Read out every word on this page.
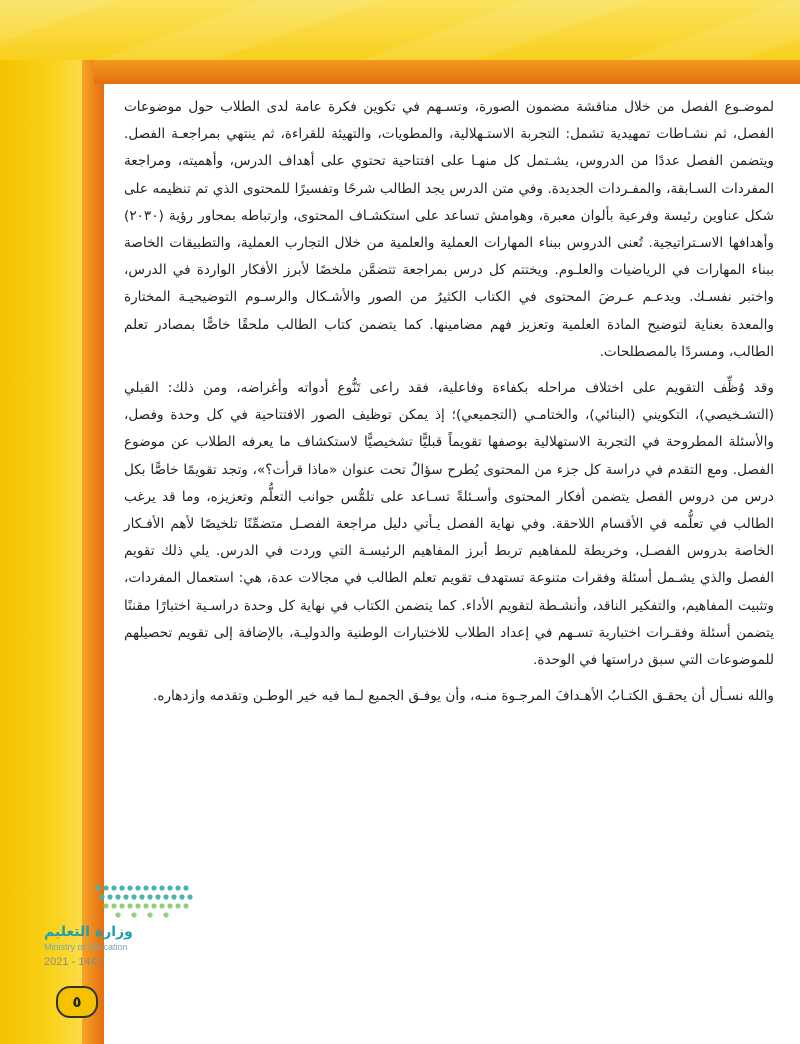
لموضـوع الفصل من خلال مناقشة مضمون الصورة، وتسـهم في تكوين فكرة عامة لدى الطلاب حول موضوعات الفصل، ثم نشـاطات تمهيدية تشمل: التجربة الاستـهلالية، والمطويات، والتهيئة للقراءة، ثم ينتهي بمراجعـة الفصل. ويتضمن الفصل عددًا من الدروس، يشـتمل كل منهـا على افتتاحية تحتوي على أهداف الدرس، وأهميته، ومراجعة المفردات السـابقة، والمفـردات الجديدة. وفي متن الدرس يجد الطالب شرحًا وتفسيرًا للمحتوى الذي تم تنظيمه على شكل عناوين رئيسة وفرعية بألوان معبرة، وهوامش تساعد على استكشـاف المحتوى، وارتباطه بمحاور رؤية (٢٠٣٠) وأهدافها الاسـتراتيجية. تُعنى الدروس ببناء المهارات العملية والعلمية من خلال التجارب العملية، والتطبيقات الخاصة ببناء المهارات في الرياضيات والعلـوم. ويختتم كل درس بمراجعة تتضمَّن ملخصًا لأبرز الأفكار الواردة في الدرس، واختبر نفسـك. ويدعـم عـرضَ المحتوى في الكتاب الكثيرُ من الصور والأشـكال والرسـوم التوضيحيـة المختارة والمعدة بعناية لتوضيح المادة العلمية وتعزيز فهم مضامينها. كما يتضمن كتاب الطالب ملحقًا خاصًّا بمصادر تعلم الطالب، ومسردًا بالمصطلحات.

وقد وُظِّف التقويم على اختلاف مراحله بكفاءة وفاعلية، فقد راعى تَنُّوع أدواته وأغراضه، ومن ذلك: القبلي (التشـخيصي)، التكويني (البنائي)، والختامـي (التجميعي)؛ إذ يمكن توظيف الصور الافتتاحية في كل وحدة وفصل، والأسئلة المطروحة في التجربة الاستهلالية بوصفها تقويماً قبليًّا تشخيصيًّا لاستكشاف ما يعرفه الطلاب عن موضوع الفصل. ومع التقدم في دراسة كل جزء من المحتوى يُطرح سؤالٌ تحت عنوان «ماذا قرأت؟»، وتجد تقويمًا خاصًّا بكل درس من دروس الفصل يتضمن أفكار المحتوى وأسـئلةً تسـاعد على تلمُّس جوانب التعلُّم وتعزيزه، وما قد يرغب الطالب في تعلُّمه في الأقسام اللاحقة. وفي نهاية الفصل يـأتي دليل مراجعة الفصـل متضمِّنًا تلخيصًا لأهم الأفـكار الخاصة بدروس الفصـل، وخريطة للمفاهيم تربط أبرز المفاهيم الرئيسـة التي وردت في الدرس. يلي ذلك تقويم الفصل والذي يشـمل أسئلة وفقرات متنوعة تستهدف تقويم تعلم الطالب في مجالات عدة، هي: استعمال المفردات، وتثبيت المفاهيم، والتفكير الناقد، وأنشـطة لتقويم الأداء. كما يتضمن الكتاب في نهاية كل وحدة دراسـية اختبارًا مقننًا يتضمن أسئلة وفقـرات اختبارية تسـهم في إعداد الطلاب للاختبارات الوطنية والدوليـة، بالإضافة إلى تقويم تحصيلهم للموضوعات التي سبق دراستها في الوحدة.

والله نسـأل أن يحقـق الكتـابُ الأهـدافَ المرجـوة منـه، وأن يوفـق الجميع لـما فيه خير الوطـن وتقدمه وازدهاره.

وزارة التعليم
Ministry of Education
2021 - 1443
٥
